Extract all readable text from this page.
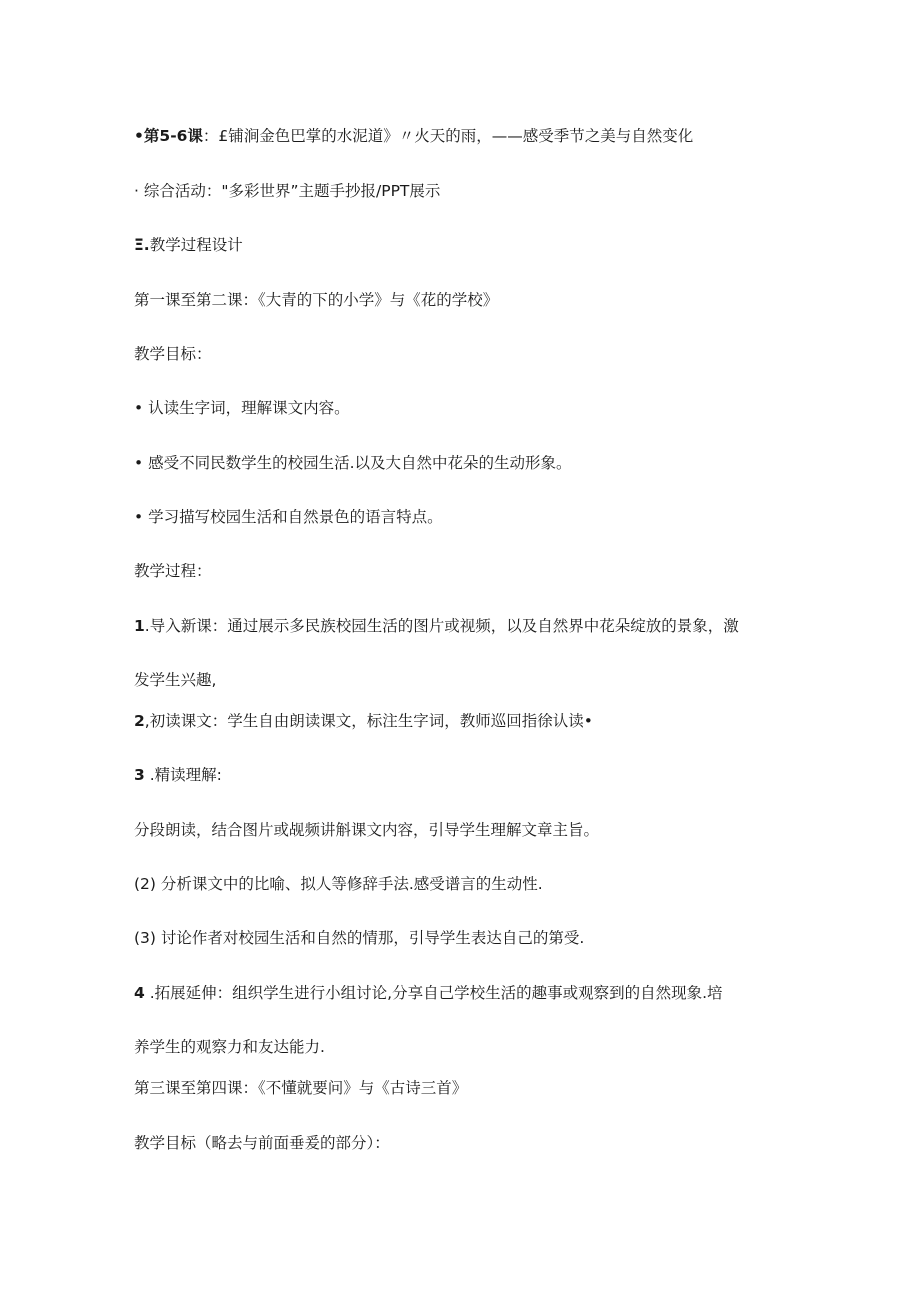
•第5-6课：£铺涧金色巴掌的水泥道》〃火天的雨，——感受季节之美与自然变化
· 综合活动："多彩世界”主题手抄报/PPT展示
Ξ.教学过程设计
第一课至第二课：《大青的下的小学》与《花的学校》
教学目标：
• 认读生字词，理解课文内容。
• 感受不同民数学生的校园生活.以及大自然中花朵的生动形象。
• 学习描写校园生活和自然景色的语言特点。
教学过程：
1.导入新课：通过展示多民族校园生活的图片或视频，以及自然界中花朵绽放的景象，激
发学生兴趣,
2,初读课文：学生自由朗读课文，标注生字词，教师巡回指徐认读•
3 .精读理解:
分段朗读，结合图片或觇频讲斛课文内容，引导学生理解文章主旨。
(2) 分析课文中的比喻、拟人等修辞手法.感受谱言的生动性.
(3) 讨论作者对校园生活和自然的情那，引导学生表达自己的第受.
4 .拓展延伸：组织学生进行小组讨论,分享自己学校生活的趣事或观察到的自然现象.培
养学生的观察力和友达能力.
第三课至第四课：《不懂就要问》与《古诗三首》
教学目标（略去与前面垂爰的部分）：
